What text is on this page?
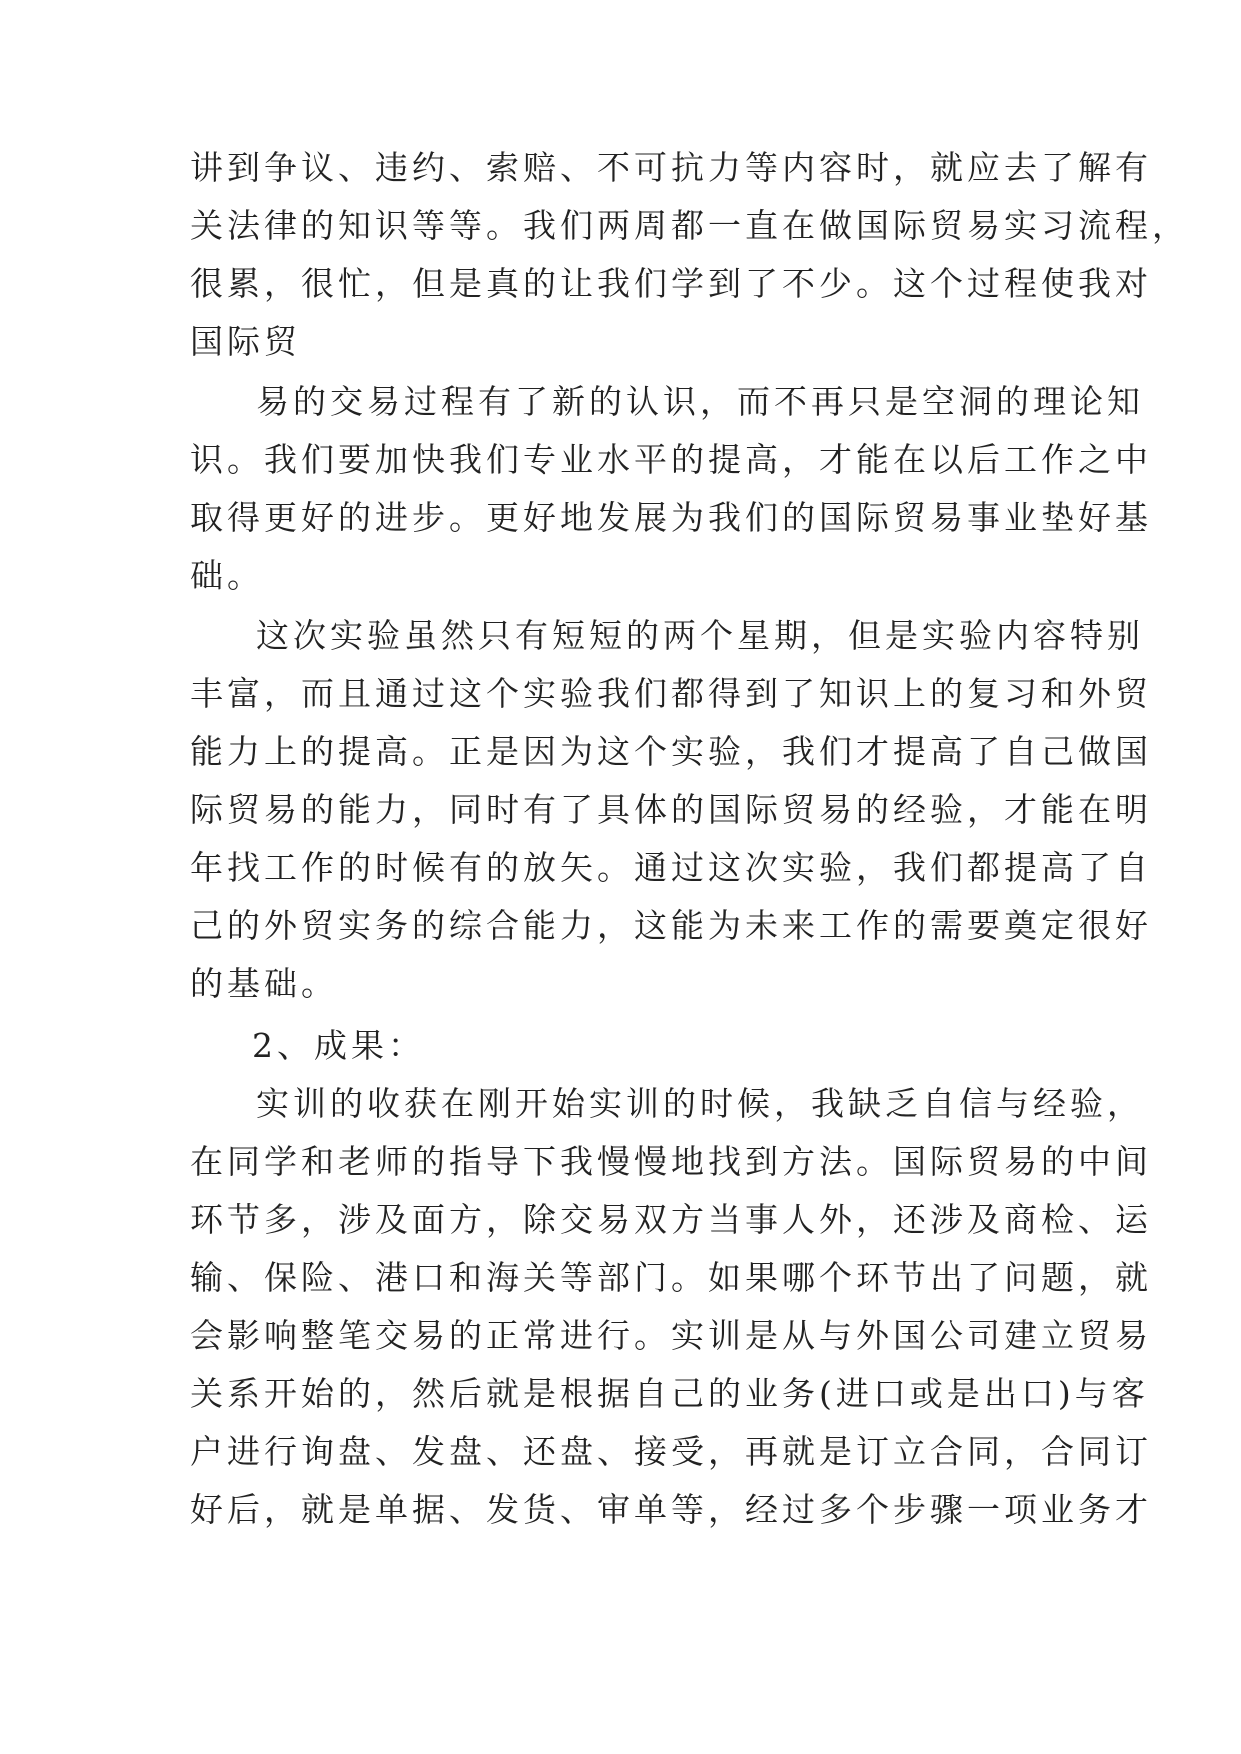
讲到争议、违约、索赔、不可抗力等内容时，就应去了解有
关法律的知识等等。我们两周都一直在做国际贸易实习流程，
很累，很忙，但是真的让我们学到了不少。这个过程使我对
国际贸
易的交易过程有了新的认识，而不再只是空洞的理论知
识。我们要加快我们专业水平的提高，才能在以后工作之中
取得更好的进步。更好地发展为我们的国际贸易事业垫好基
础。
这次实验虽然只有短短的两个星期，但是实验内容特别
丰富，而且通过这个实验我们都得到了知识上的复习和外贸
能力上的提高。正是因为这个实验，我们才提高了自己做国
际贸易的能力，同时有了具体的国际贸易的经验，才能在明
年找工作的时候有的放矢。通过这次实验，我们都提高了自
己的外贸实务的综合能力，这能为未来工作的需要奠定很好
的基础。
2、成果：
实训的收获在刚开始实训的时候，我缺乏自信与经验，
在同学和老师的指导下我慢慢地找到方法。国际贸易的中间
环节多，涉及面方，除交易双方当事人外，还涉及商检、运
输、保险、港口和海关等部门。如果哪个环节出了问题，就
会影响整笔交易的正常进行。实训是从与外国公司建立贸易
关系开始的，然后就是根据自己的业务(进口或是出口)与客
户进行询盘、发盘、还盘、接受，再就是订立合同，合同订
好后，就是单据、发货、审单等，经过多个步骤一项业务才
